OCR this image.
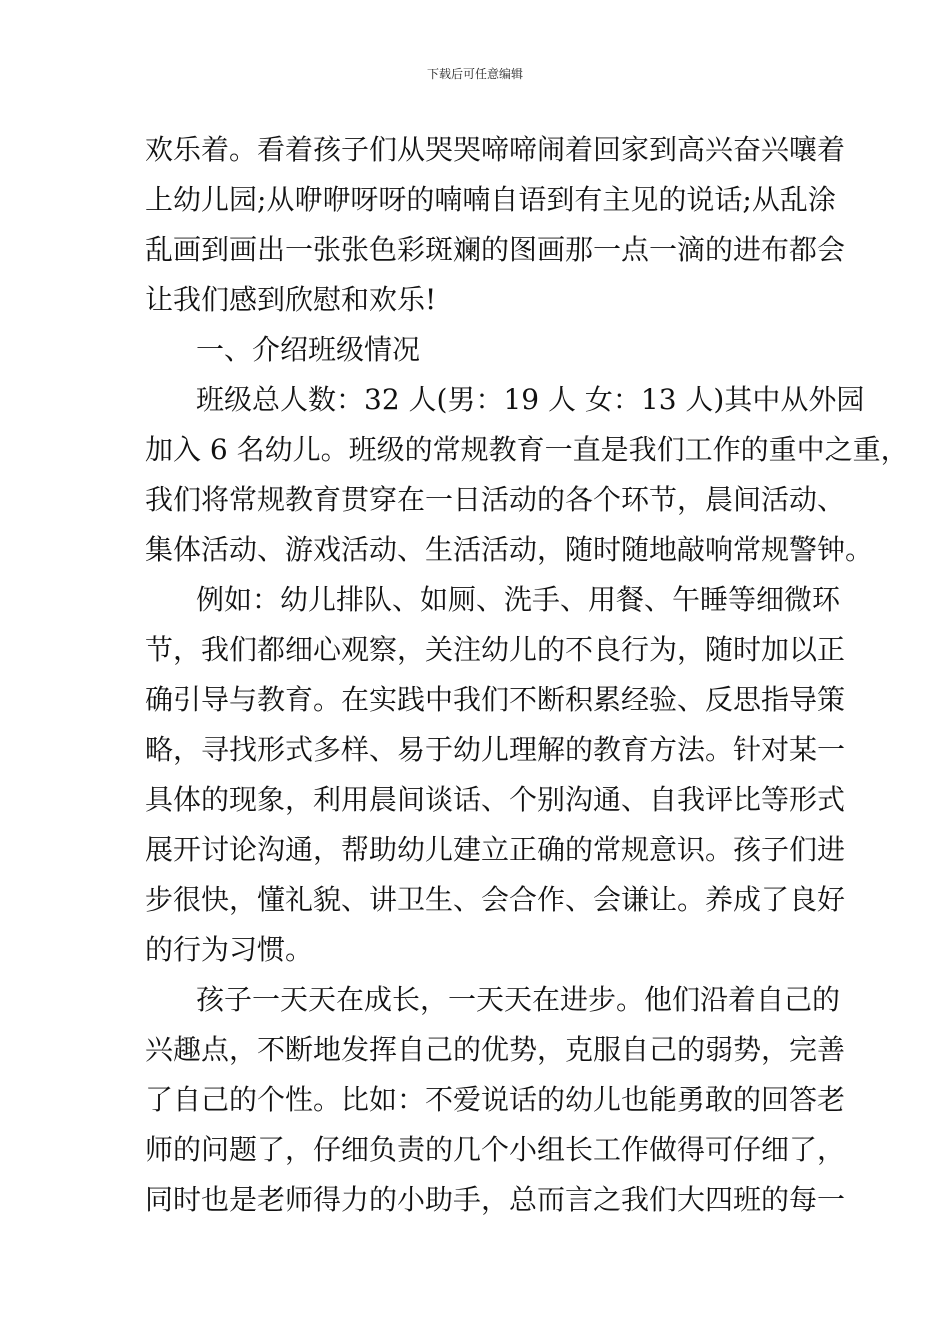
下载后可任意编辑
欢乐着。看着孩子们从哭哭啼啼闹着回家到高兴奋兴嚷着
上幼儿园;从咿咿呀呀的喃喃自语到有主见的说话;从乱涂
乱画到画出一张张色彩斑斓的图画那一点一滴的进布都会
让我们感到欣慰和欢乐!
一、介绍班级情况
班级总人数：32 人(男：19 人 女：13 人)其中从外园
加入 6 名幼儿。班级的常规教育一直是我们工作的重中之重，
我们将常规教育贯穿在一日活动的各个环节，晨间活动、
集体活动、游戏活动、生活活动，随时随地敲响常规警钟。
例如：幼儿排队、如厕、洗手、用餐、午睡等细微环
节，我们都细心观察，关注幼儿的不良行为，随时加以正
确引导与教育。在实践中我们不断积累经验、反思指导策
略，寻找形式多样、易于幼儿理解的教育方法。针对某一
具体的现象，利用晨间谈话、个别沟通、自我评比等形式
展开讨论沟通，帮助幼儿建立正确的常规意识。孩子们进
步很快，懂礼貌、讲卫生、会合作、会谦让。养成了良好
的行为习惯。
孩子一天天在成长，一天天在进步。他们沿着自己的
兴趣点，不断地发挥自己的优势，克服自己的弱势，完善
了自己的个性。比如：不爱说话的幼儿也能勇敢的回答老
师的问题了，仔细负责的几个小组长工作做得可仔细了，
同时也是老师得力的小助手，总而言之我们大四班的每一
